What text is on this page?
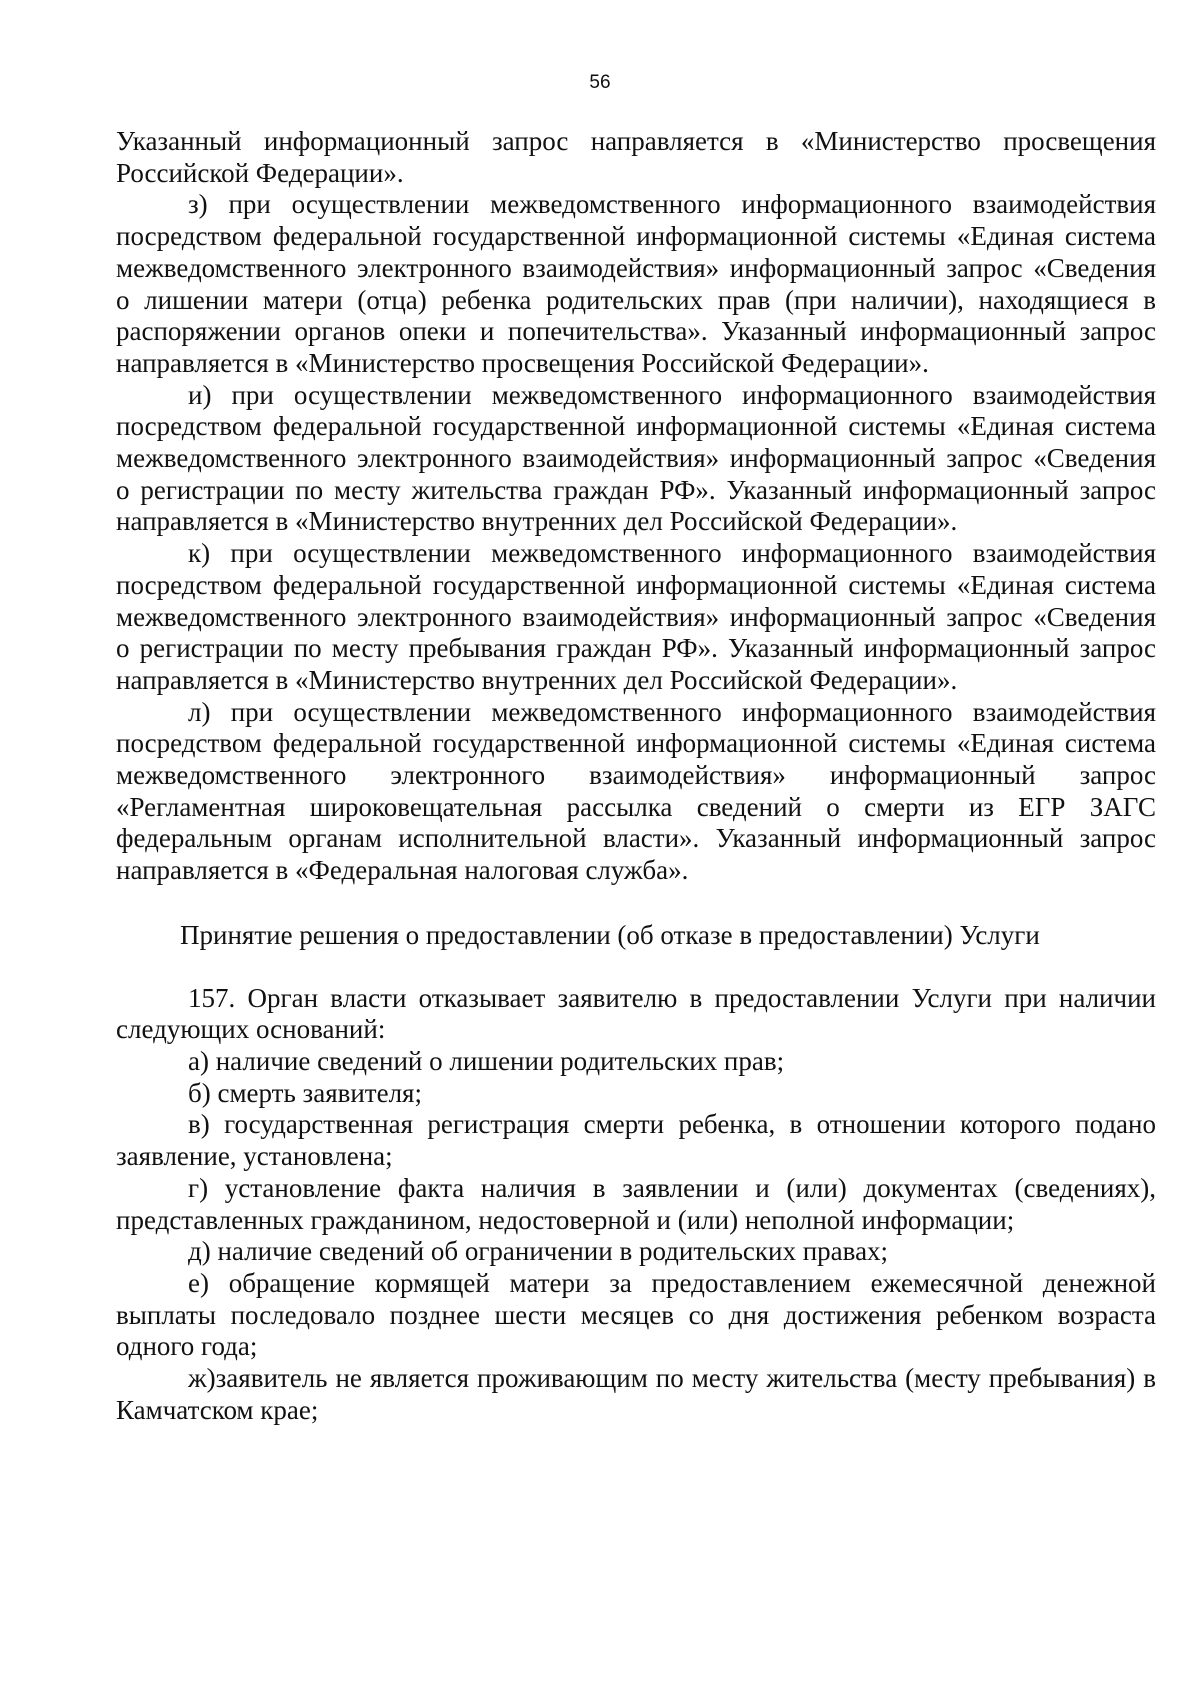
56

Указанный информационный запрос направляется в «Министерство просвещения Российской Федерации».

з) при осуществлении межведомственного информационного взаимодействия посредством федеральной государственной информационной системы «Единая система межведомственного электронного взаимодействия» информационный запрос «Сведения о лишении матери (отца) ребенка родительских прав (при наличии), находящиеся в распоряжении органов опеки и попечительства». Указанный информационный запрос направляется в «Министерство просвещения Российской Федерации».

и) при осуществлении межведомственного информационного взаимодействия посредством федеральной государственной информационной системы «Единая система межведомственного электронного взаимодействия» информационный запрос «Сведения о регистрации по месту жительства граждан РФ». Указанный информационный запрос направляется в «Министерство внутренних дел Российской Федерации».

к) при осуществлении межведомственного информационного взаимодействия посредством федеральной государственной информационной системы «Единая система межведомственного электронного взаимодействия» информационный запрос «Сведения о регистрации по месту пребывания граждан РФ». Указанный информационный запрос направляется в «Министерство внутренних дел Российской Федерации».

л) при осуществлении межведомственного информационного взаимодействия посредством федеральной государственной информационной системы «Единая система межведомственного электронного взаимодействия» информационный запрос «Регламентная широковещательная рассылка сведений о смерти из ЕГР ЗАГС федеральным органам исполнительной власти». Указанный информационный запрос направляется в «Федеральная налоговая служба».

Принятие решения о предоставлении (об отказе в предоставлении) Услуги

157. Орган власти отказывает заявителю в предоставлении Услуги при наличии следующих оснований:

а) наличие сведений о лишении родительских прав;

б) смерть заявителя;

в) государственная регистрация смерти ребенка, в отношении которого подано заявление, установлена;

г) установление факта наличия в заявлении и (или) документах (сведениях), представленных гражданином, недостоверной и (или) неполной информации;

д) наличие сведений об ограничении в родительских правах;

е) обращение кормящей матери за предоставлением ежемесячной денежной выплаты последовало позднее шести месяцев со дня достижения ребенком возраста одного года;

ж)заявитель не является проживающим по месту жительства (месту пребывания) в Камчатском крае;
